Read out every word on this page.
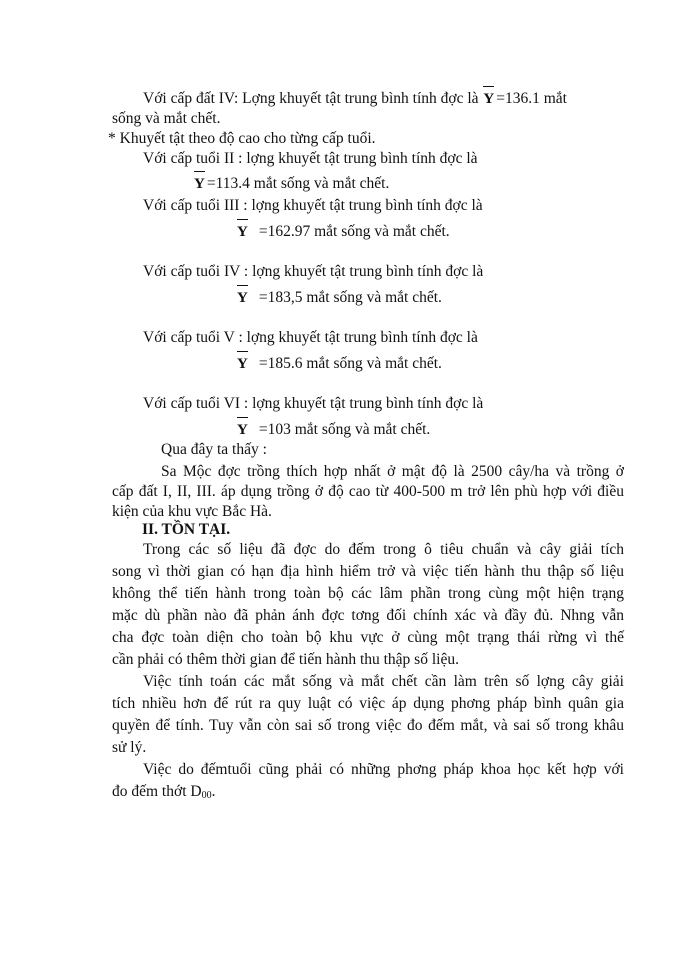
Với cấp đất IV: Lợng khuyết tật trung bình tính đợc là Y =136.1 mắt
sống và mắt chết.
* Khuyết tật theo độ cao cho từng cấp tuổi.
Với cấp tuổi II : lợng khuyết tật trung bình tính đợc là
Y =113.4 mắt sống và mắt chết.
Với cấp tuổi III : lợng khuyết tật trung bình tính đợc là
Y =162.97 mắt sống và mắt chết.
Với cấp tuổi IV : lợng khuyết tật trung bình tính đợc là
Y =183,5 mắt sống và mắt chết.
Với cấp tuổi V : lợng khuyết tật trung bình tính đợc là
Y =185.6 mắt sống và mắt chết.
Với cấp tuổi VI : lợng khuyết tật trung bình tính đợc là
Y =103 mắt sống và mắt chết.
Qua đây ta thấy :
Sa Mộc đợc trồng thích hợp nhất ở mật độ là 2500 cây/ha và trồng ở
cấp đất I, II, III. áp dụng trồng ở độ cao từ 400-500 m trở lên phù hợp với điều
kiện của khu vực Bắc Hà.
II. TỒN TẠI.
Trong các số liệu đã đợc do đếm trong ô tiêu chuẩn và cây giải tích
song vì thời gian có hạn địa hình hiểm trở và việc tiến hành thu thập số liệu
không thể tiến hành trong toàn bộ các lâm phần trong cùng một hiện trạng
mặc dù phần nào đã phản ánh đợc tơng đối chính xác và đầy đủ. Nhng vẫn
cha đợc toàn diện cho toàn bộ khu vực ở cùng một trạng thái rừng vì thế
cần phải có thêm thời gian để tiến hành thu thập số liệu.
Việc tính toán các mắt sống và mắt chết cần làm trên số lợng cây giải
tích nhiều hơn để rút ra quy luật có việc áp dụng phơng pháp bình quân gia
quyền để tính. Tuy vẫn còn sai số trong việc đo đếm mắt, và sai số trong khâu
sử lý.
Việc do đếmtuổi cũng phải có những phơng pháp khoa học kết hợp với
đo đếm thớt $D_{00}$.
